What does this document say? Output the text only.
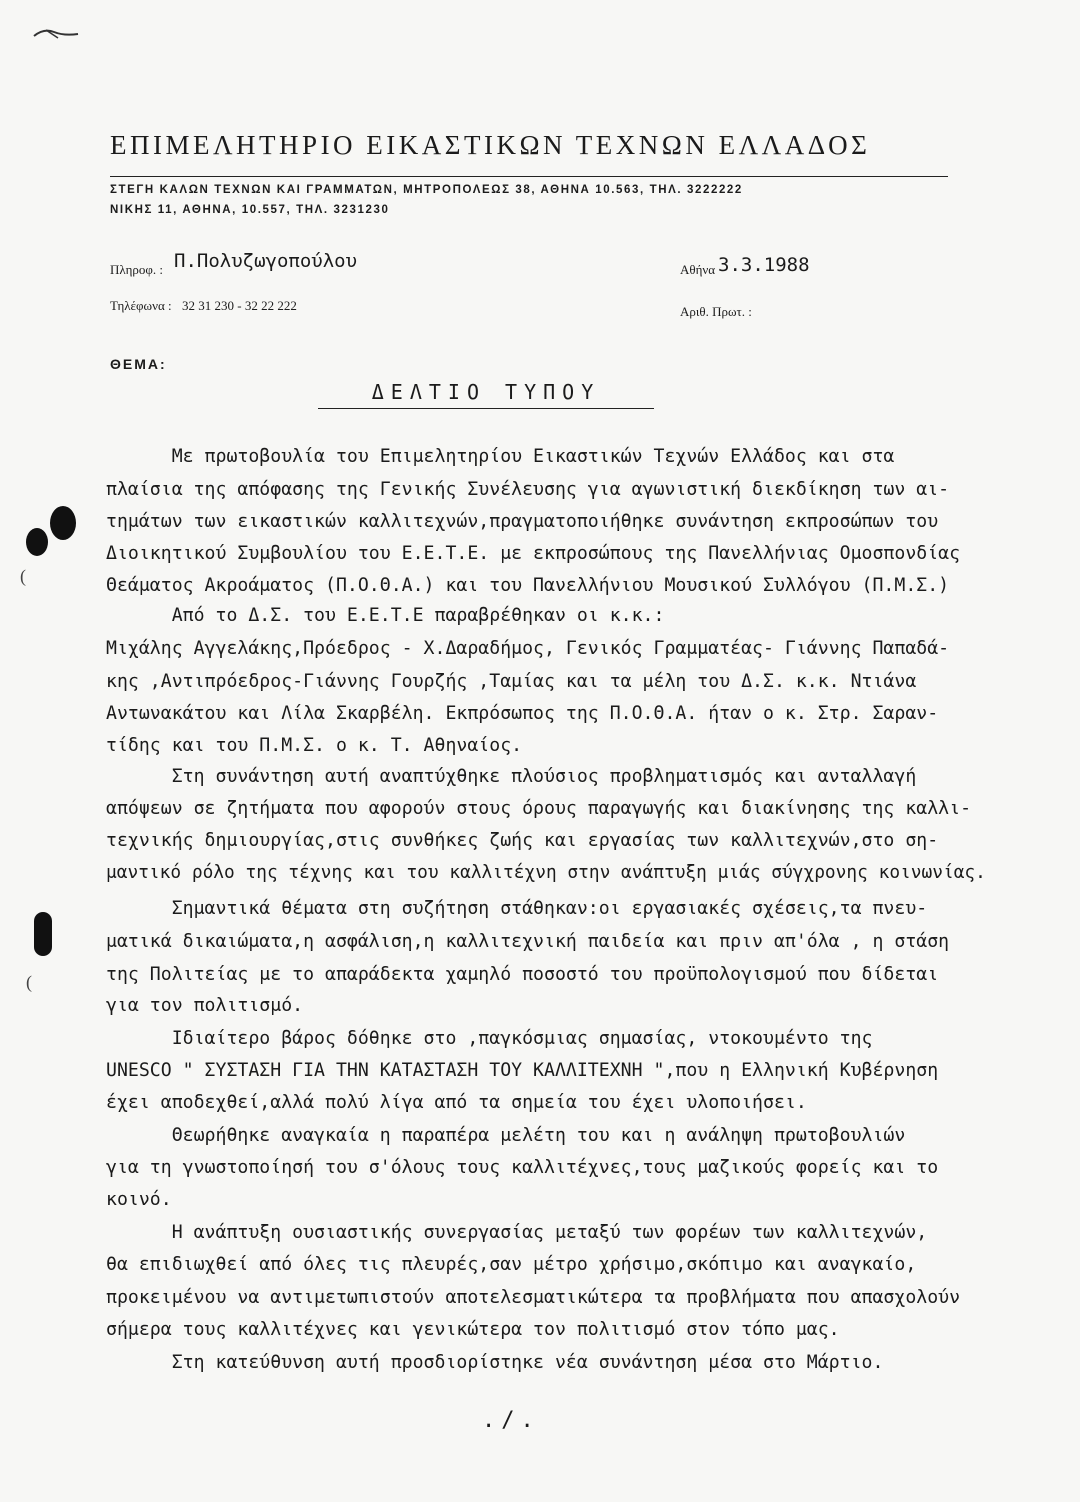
ΕΠΙΜΕΛΗΤΗΡΙΟ ΕΙΚΑΣΤΙΚΩΝ ΤΕΧΝΩΝ ΕΛΛΑΔΟΣ
ΣΤΕΓΗ ΚΑΛΩΝ ΤΕΧΝΩΝ ΚΑΙ ΓΡΑΜΜΑΤΩΝ, ΜΗΤΡΟΠΟΛΕΩΣ 38, ΑΘΗΝΑ 10.563, ΤΗΛ. 3222222
ΝΙΚΗΣ 11, ΑΘΗΝΑ, 10.557, ΤΗΛ. 3231230
Πληροφ. : Π.Πολυζωγοπούλου
Τηλέφωνα : 32 31 230 - 32 22 222
Αθήνα 3.3.1988
Αριθ. Πρωτ. :
ΘΕΜΑ:
ΔΕΛΤΙΟ ΤΥΠΟΥ
Με πρωτοβουλία του Επιμελητηρίου Εικαστικών Τεχνών Ελλάδος και στα
πλαίσια της απόφασης της Γενικής Συνέλευσης για αγωνιστική διεκδίκηση των αι-
τημάτων των εικαστικών καλλιτεχνών,πραγματοποιήθηκε συνάντηση εκπροσώπων του
Διοικητικού Συμβουλίου του Ε.Ε.Τ.Ε. με εκπροσώπους της Πανελλήνιας Ομοσπονδίας
Θεάματος Ακροάματος (Π.Ο.Θ.Α.) και του Πανελλήνιου Μουσικού Συλλόγου (Π.Μ.Σ.)
Από το Δ.Σ. του Ε.Ε.Τ.Ε παραβρέθηκαν οι κ.κ.:
Μιχάλης Αγγελάκης,Πρόεδρος - Χ.Δαραδήμος, Γενικός Γραμματέας- Γιάννης Παπαδά-
κης ,Αντιπρόεδρος-Γιάννης Γουρζής ,Ταμίας και τα μέλη του Δ.Σ. κ.κ. Ντιάνα
Αντωνακάτου και Λίλα Σκαρβέλη. Εκπρόσωπος της Π.Ο.Θ.Α. ήταν ο κ. Στρ. Σαραν-
τίδης και του Π.Μ.Σ. ο κ. Τ. Αθηναίος.
Στη συνάντηση αυτή αναπτύχθηκε πλούσιος προβληματισμός και ανταλλαγή
απόψεων σε ζητήματα που αφορούν στους όρους παραγωγής και διακίνησης της καλλι-
τεχνικής δημιουργίας,στις συνθήκες ζωής και εργασίας των καλλιτεχνών,στο ση-
μαντικό ρόλο της τέχνης και του καλλιτέχνη στην ανάπτυξη μιάς σύγχρονης κοινωνίας.
Σημαντικά θέματα στη συζήτηση στάθηκαν:οι εργασιακές σχέσεις,τα πνευ-
ματικά δικαιώματα,η ασφάλιση,η καλλιτεχνική παιδεία και πριν απ'όλα , η στάση
της Πολιτείας με το απαράδεκτα χαμηλό ποσοστό του προϋπολογισμού που δίδεται
για τον πολιτισμό.
Ιδιαίτερο βάρος δόθηκε στο ,παγκόσμιας σημασίας, ντοκουμέντο της
UNESCO " ΣΥΣΤΑΣΗ ΓΙΑ ΤΗΝ ΚΑΤΑΣΤΑΣΗ ΤΟΥ ΚΑΛΛΙΤΕΧΝΗ ",που η Ελληνική Κυβέρνηση
έχει αποδεχθεί,αλλά πολύ λίγα από τα σημεία του έχει υλοποιήσει.
Θεωρήθηκε αναγκαία η παραπέρα μελέτη του και η ανάληψη πρωτοβουλιών
για τη γνωστοποίησή του σ'όλους τους καλλιτέχνες,τους μαζικούς φορείς και το
κοινό.
Η ανάπτυξη ουσιαστικής συνεργασίας μεταξύ των φορέων των καλλιτεχνών,
θα επιδιωχθεί από όλες τις πλευρές,σαν μέτρο χρήσιμο,σκόπιμο και αναγκαίο,
προκειμένου να αντιμετωπιστούν αποτελεσματικώτερα τα προβλήματα που απασχολούν
σήμερα τους καλλιτέχνες και γενικώτερα τον πολιτισμό στον τόπο μας.
Στη κατεύθυνση αυτή προσδιορίστηκε νέα συνάντηση μέσα στο Μάρτιο.
./.
(
(
